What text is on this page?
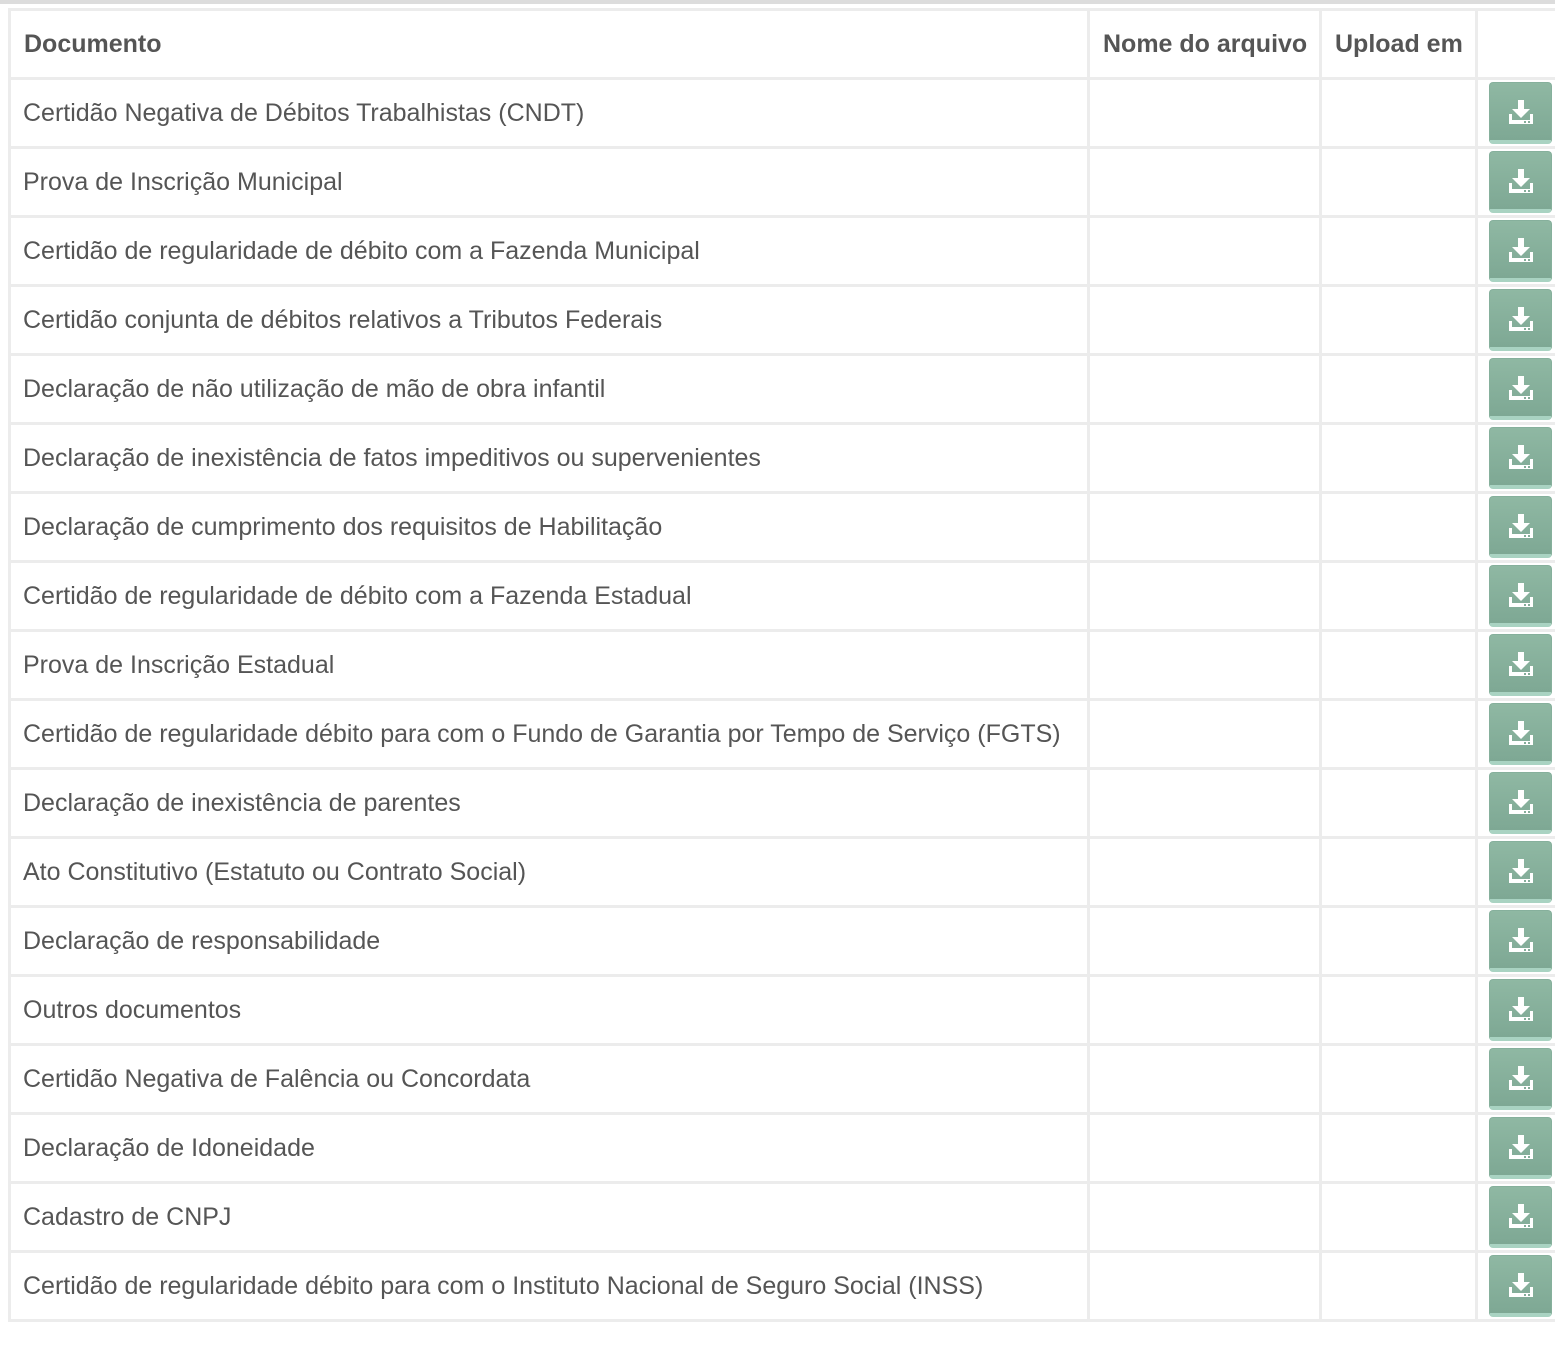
Documento	Nome do arquivo	Upload em	
Certidão Negativa de Débitos Trabalhistas (CNDT)			

Prova de Inscrição Municipal			

Certidão de regularidade de débito com a Fazenda Municipal			

Certidão conjunta de débitos relativos a Tributos Federais			

Declaração de não utilização de mão de obra infantil			

Declaração de inexistência de fatos impeditivos ou supervenientes			

Declaração de cumprimento dos requisitos de Habilitação			

Certidão de regularidade de débito com a Fazenda Estadual			

Prova de Inscrição Estadual			

Certidão de regularidade débito para com o Fundo de Garantia por Tempo de Serviço (FGTS)			

Declaração de inexistência de parentes			

Ato Constitutivo (Estatuto ou Contrato Social)			

Declaração de responsabilidade			

Outros documentos			

Certidão Negativa de Falência ou Concordata			

Declaração de Idoneidade			

Cadastro de CNPJ			

Certidão de regularidade débito para com o Instituto Nacional de Seguro Social (INSS)			
